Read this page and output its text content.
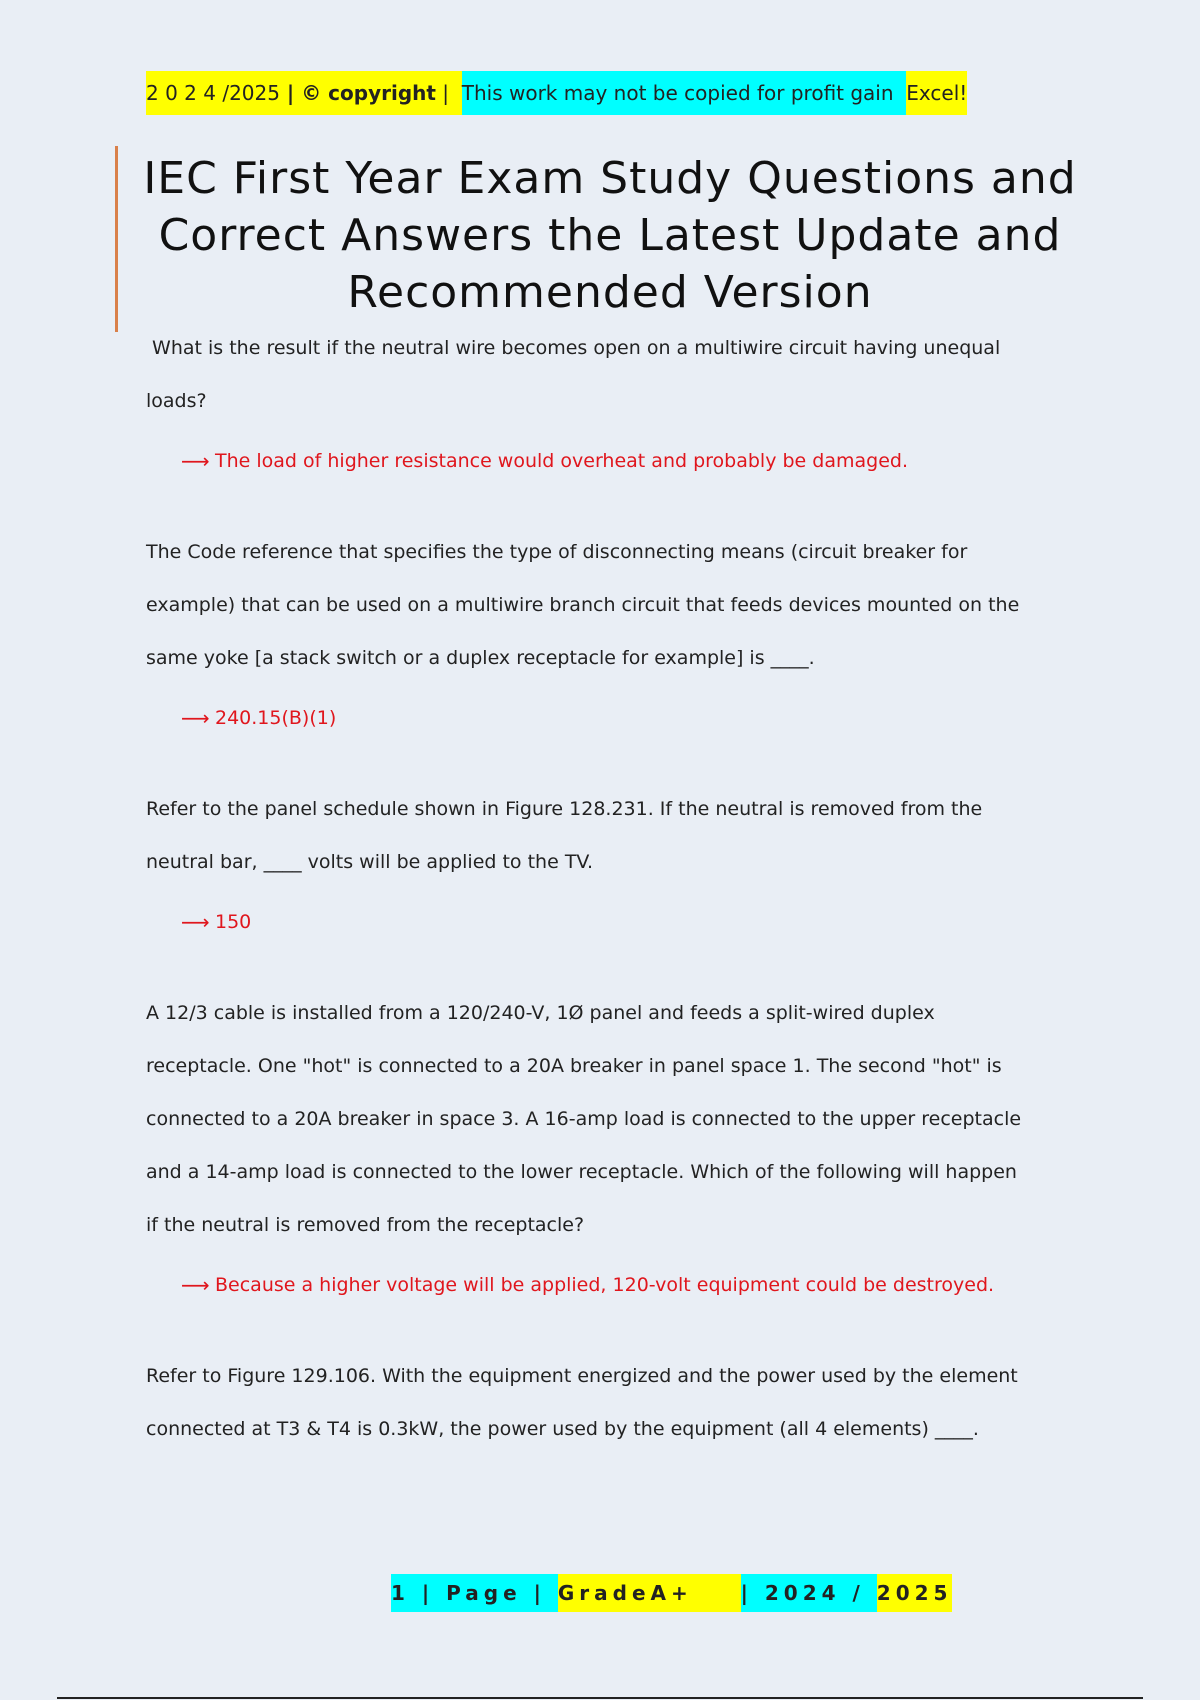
2 0 2 4 /2025 | © copyright | This work may not be copied for profit gain Excel!
IEC First Year Exam Study Questions and
Correct Answers the Latest Update and
Recommended Version

What is the result if the neutral wire becomes open on a multiwire circuit having unequal
loads?

⟶ The load of higher resistance would overheat and probably be damaged.

The Code reference that specifies the type of disconnecting means (circuit breaker for
example) that can be used on a multiwire branch circuit that feeds devices mounted on the
same yoke [a stack switch or a duplex receptacle for example] is ____.

⟶ 240.15(B)(1)

Refer to the panel schedule shown in Figure 128.231. If the neutral is removed from the
neutral bar, ____ volts will be applied to the TV.

⟶ 150

A 12/3 cable is installed from a 120/240-V, 1Ø panel and feeds a split-wired duplex
receptacle. One "hot" is connected to a 20A breaker in panel space 1. The second "hot" is
connected to a 20A breaker in space 3. A 16-amp load is connected to the upper receptacle
and a 14-amp load is connected to the lower receptacle. Which of the following will happen
if the neutral is removed from the receptacle?

⟶ Because a higher voltage will be applied, 120-volt equipment could be destroyed.

Refer to Figure 129.106. With the equipment energized and the power used by the element
connected at T3 & T4 is 0.3kW, the power used by the equipment (all 4 elements) ____.

1 | Page | GradeA+ | 2024 / 2025
